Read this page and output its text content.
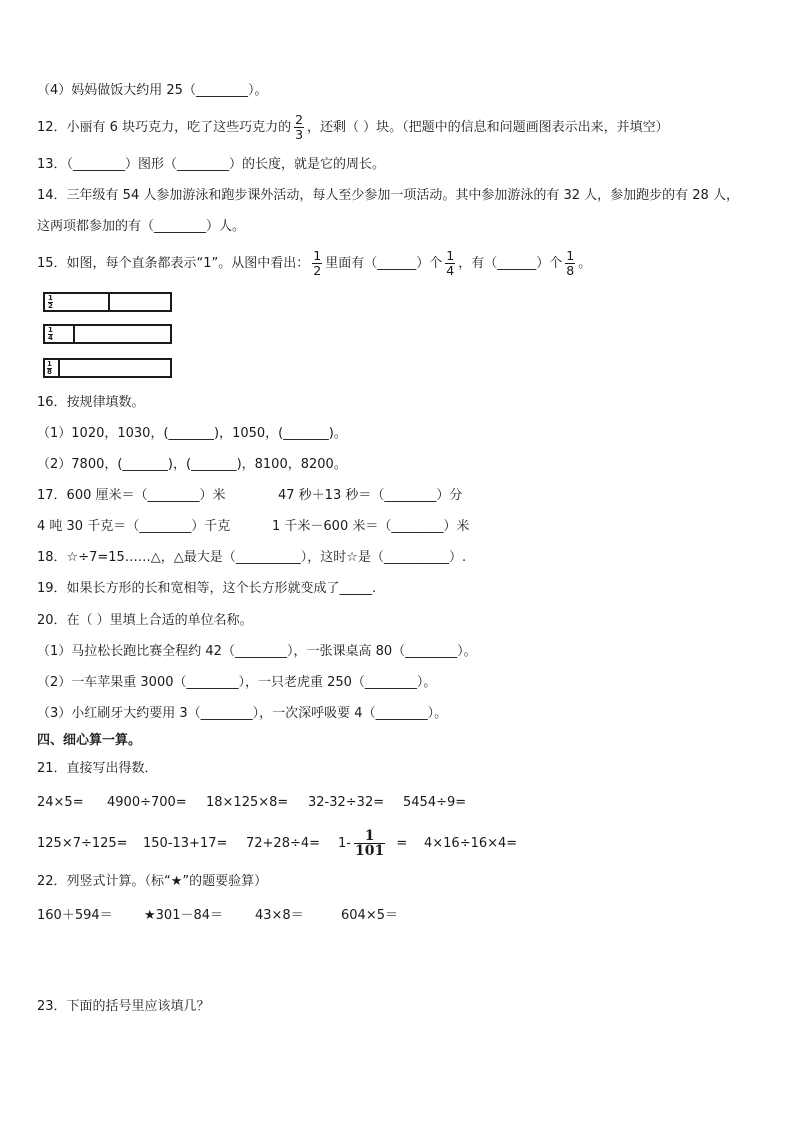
（4）妈妈做饭大约用 25（________）。
12．小丽有 6 块巧克力，吃了这些巧克力的 $\frac{2}{3}$ ，还剩（ ）块。（把题中的信息和问题画图表示出来，并填空）
13．（________）图形（________）的长度，就是它的周长。
14．三年级有 54 人参加游泳和跑步课外活动，每人至少参加一项活动。其中参加游泳的有 32 人，参加跑步的有 28 人，
这两项都参加的有（________）人。
15．如图，每个直条都表示“1”。从图中看出： $\frac{1}{2}$ 里面有（______）个 $\frac{1}{4}$ ，有（______）个 $\frac{1}{8}$ 。
1
2
1
4
1
8
16．按规律填数。
（1）1020，1030，(_______)，1050，(_______)。
（2）7800，(_______)，(_______)，8100，8200。
17．600 厘米＝（________）米	47 秒＋13 秒＝（________）分
4 吨 30 千克＝（________）千克	1 千米－600 米＝（________）米
18．☆÷7=15……△，△最大是（__________），这时☆是（__________）.
19．如果长方形的长和宽相等，这个长方形就变成了_____.
20．在（ ）里填上合适的单位名称。
（1）马拉松长跑比赛全程约 42（________），一张课桌高 80（________）。
（2）一车苹果重 3000（________），一只老虎重 250（________）。
（3）小红刷牙大约要用 3（________），一次深呼吸要 4（________）。
四、细心算一算。
21．直接写出得数．
24×5= 4900÷700= 18×125×8= 32-32÷32= 5454÷9=
$125\times 7\div 125= 150-13+17= 72+28\div 4= 1- \frac{1}{101} = 4\times 16\div 16\times 4=$
22．列竖式计算。（标“★”的题要验算）
160＋594＝ ★301－84＝ 43×8＝	604×5＝
23．下面的括号里应该填几？
